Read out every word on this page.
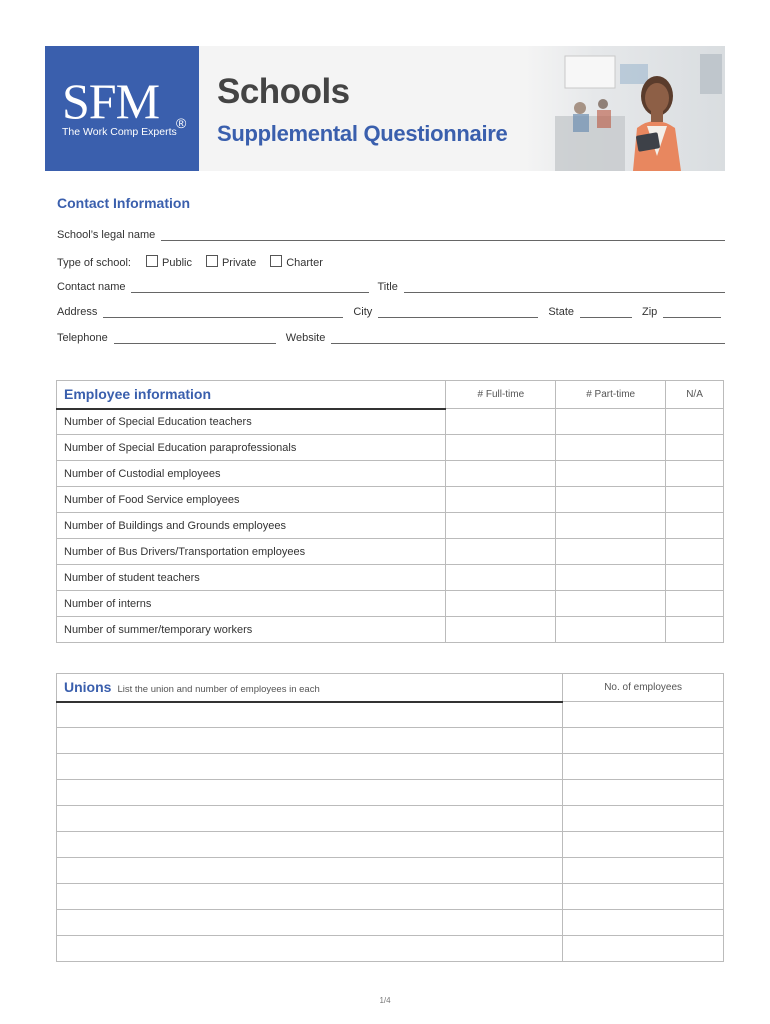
SFM ®
The Work Comp Experts
Schools
Supplemental Questionnaire
Contact Information
School’s legal name
Type of school:	Public	Private	Charter
Contact name	Title
Address	City	State	Zip
Telephone	Website
Employee information	# Full-time	# Part-time	N/A
Number of Special Education teachers			
Number of Special Education paraprofessionals			
Number of Custodial employees			
Number of Food Service employees			
Number of Buildings and Grounds employees			
Number of Bus Drivers/Transportation employees			
Number of student teachers			
Number of interns			
Number of summer/temporary workers			
Unions List the union and number of employees in each	No. of employees

1/4
